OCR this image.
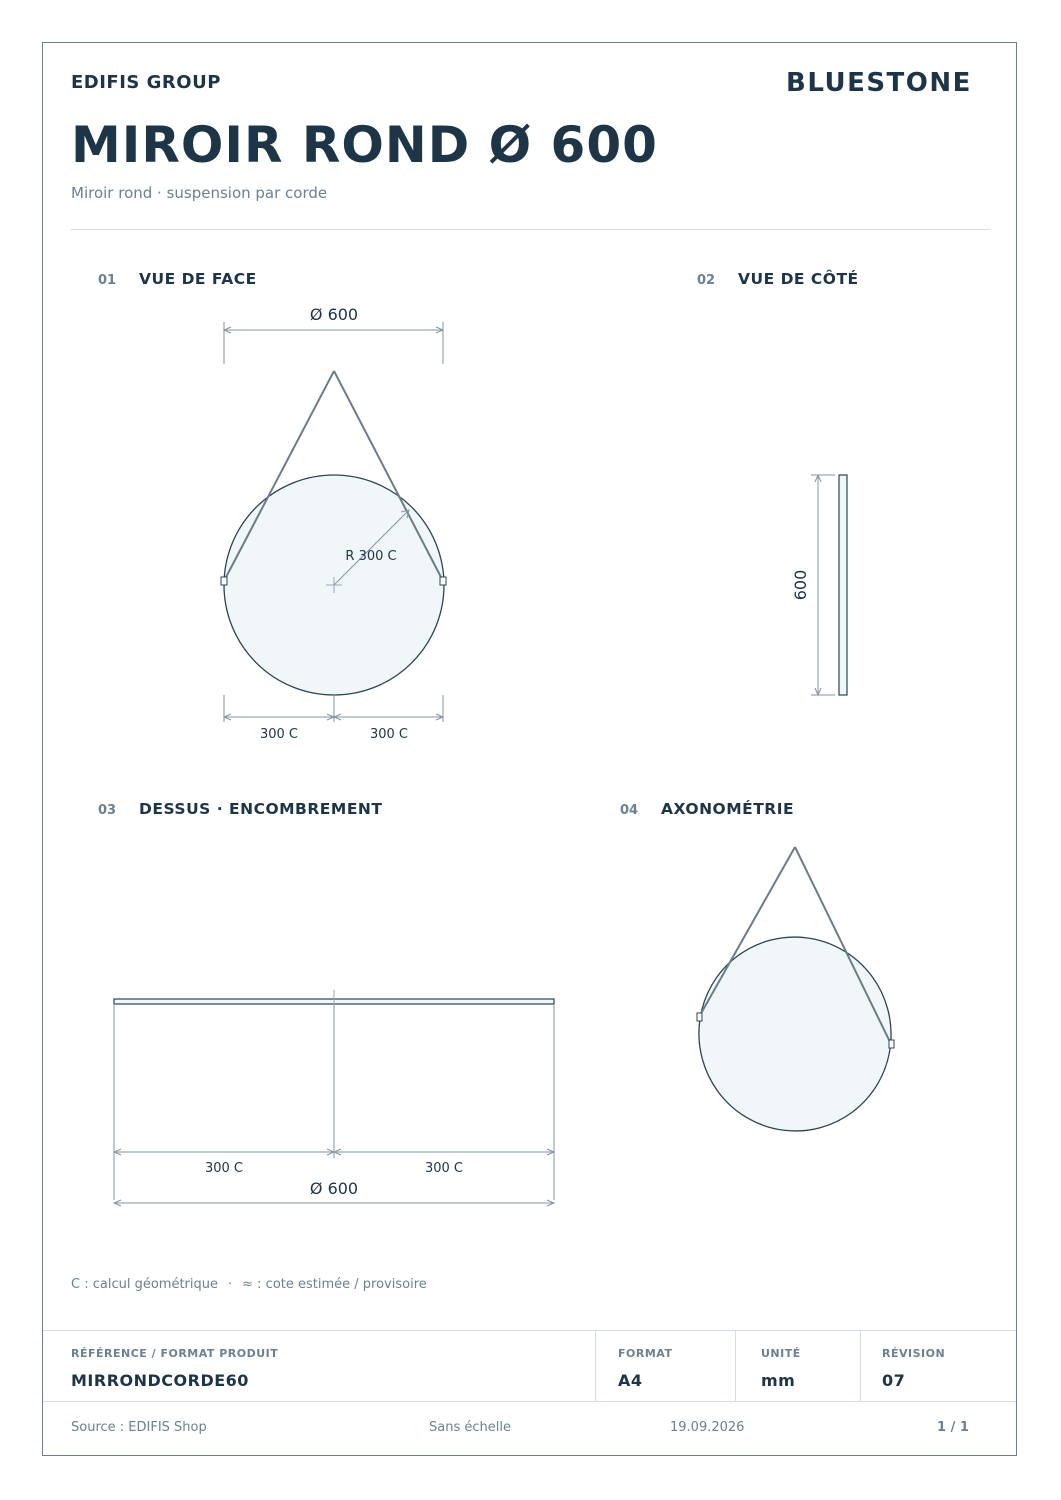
EDIFIS GROUP	BLUESTONE
MIROIR ROND Ø 600
Miroir rond · suspension par corde
01 VUE DE FACE	02 VUE DE CÔTÉ
03 DESSUS · ENCOMBREMENT	04 AXONOMÉTRIE
Ø 600
R 300 C
300 C	300 C
600
300 C	300 C
Ø 600
C : calcul géométrique · ≈ : cote estimée / provisoire
RÉFÉRENCE / FORMAT PRODUIT
MIRRONDCORDE60
FORMAT
A4
UNITÉ
mm
RÉVISION
07
Source : EDIFIS Shop	Sans échelle	19.09.2026	1 / 1
